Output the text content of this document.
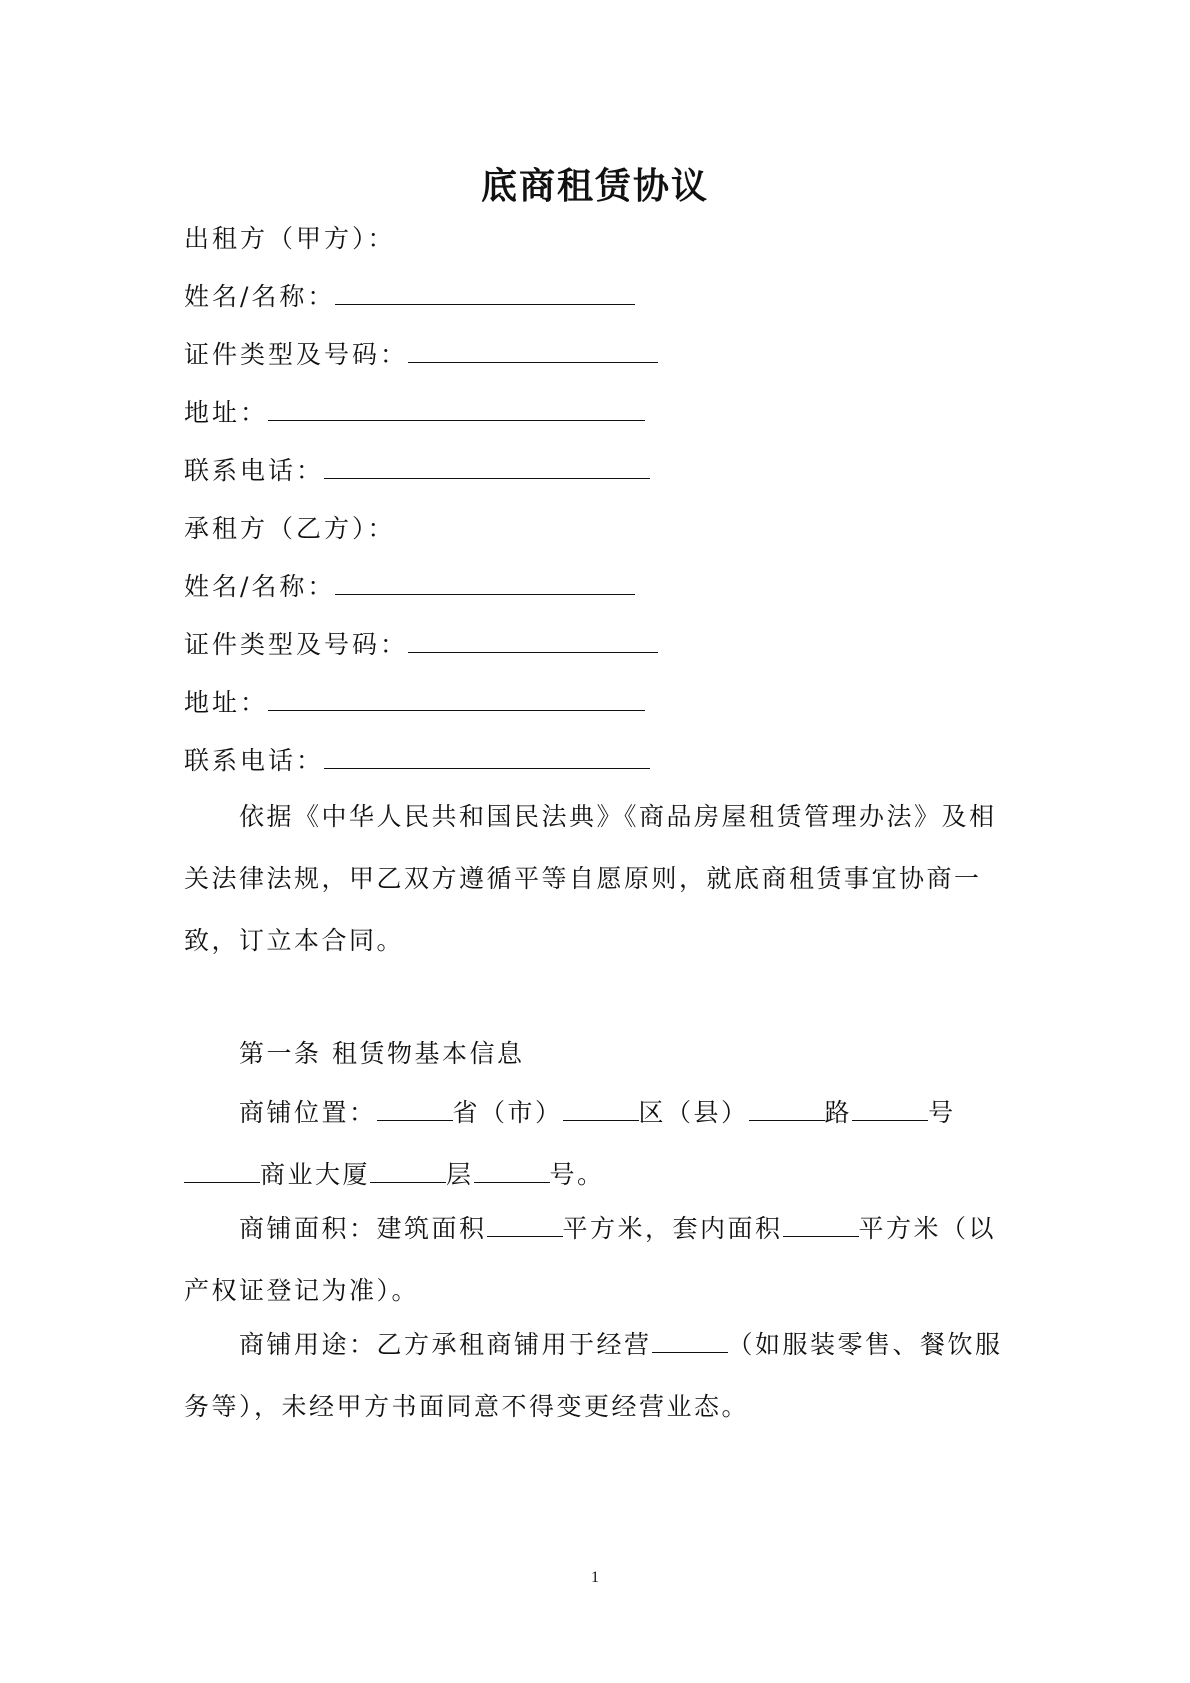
底商租赁协议
出租方（甲方）：
姓名/名称：
证件类型及号码：
地址：
联系电话：
承租方（乙方）：
姓名/名称：
证件类型及号码：
地址：
联系电话：

依据《中华人民共和国民法典》《商品房屋租赁管理办法》及相关法律法规，甲乙双方遵循平等自愿原则，就底商租赁事宜协商一致，订立本合同。

第一条 租赁物基本信息

商铺位置：	省（市）	区（县）	路	号商业大厦	层	号。

商铺面积：建筑面积	平方米，套内面积	平方米（以产权证登记为准）。

商铺用途：乙方承租商铺用于经营	（如服装零售、餐饮服务等），未经甲方书面同意不得变更经营业态。

1
